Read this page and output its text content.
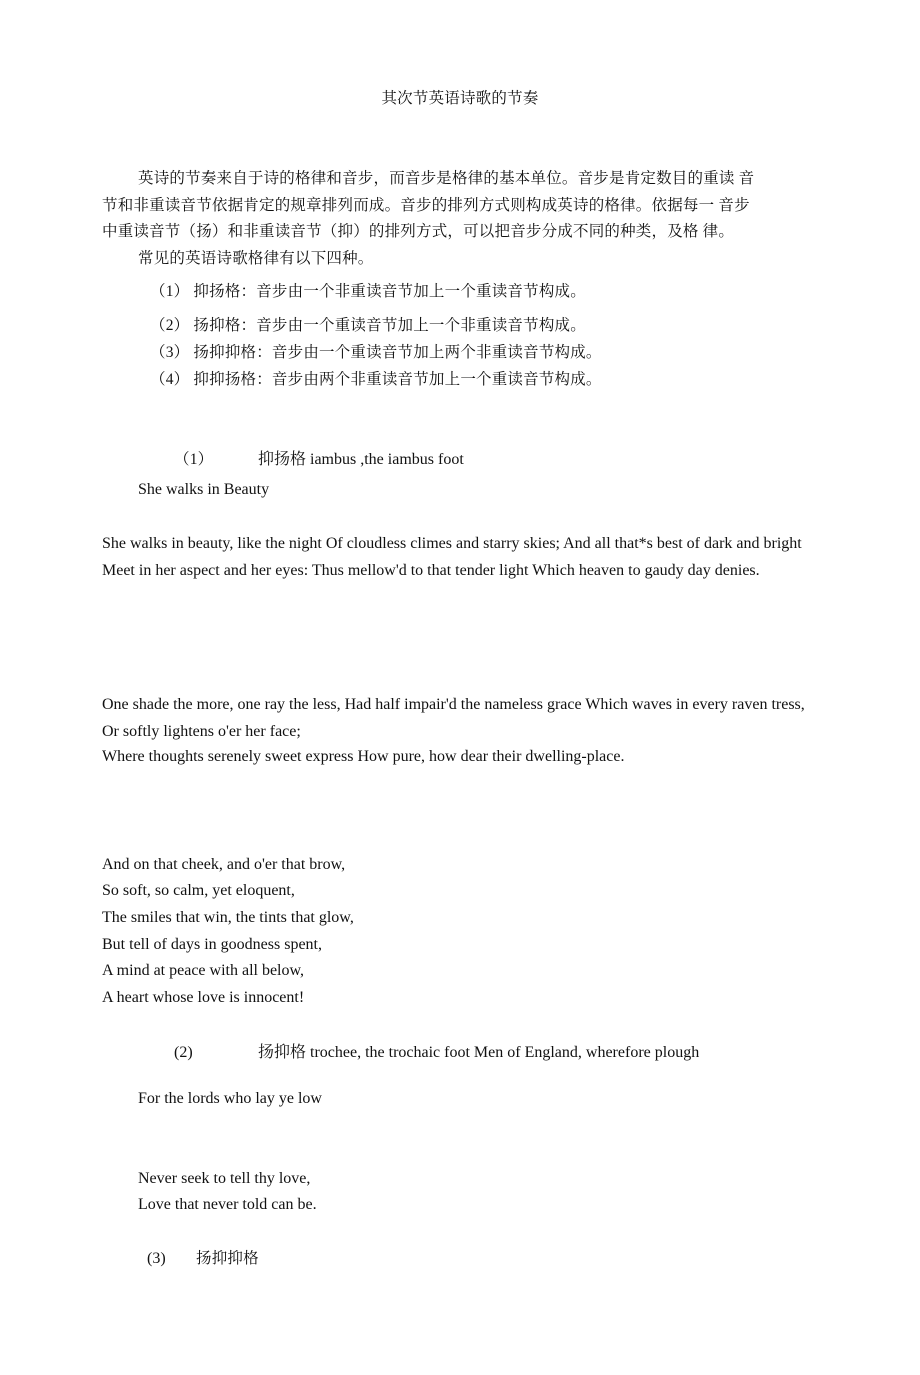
其次节英语诗歌的节奏
英诗的节奏来自于诗的格律和音步，而音步是格律的基本单位。音步是肯定数目的重读 音
节和非重读音节依据肯定的规章排列而成。音步的排列方式则构成英诗的格律。依据每一 音步
中重读音节（扬）和非重读音节（抑）的排列方式，可以把音步分成不同的种类，及格 律。
常见的英语诗歌格律有以下四种。
（1） 抑扬格：音步由一个非重读音节加上一个重读音节构成。
（2） 扬抑格：音步由一个重读音节加上一个非重读音节构成。
（3） 扬抑抑格：音步由一个重读音节加上两个非重读音节构成。
（4） 抑抑扬格：音步由两个非重读音节加上一个重读音节构成。
（1）	抑扬格 iambus ,the iambus foot
She walks in Beauty

She walks in beauty, like the night Of cloudless climes and starry skies; And all that*s best of dark and bright Meet in her aspect and her eyes: Thus mellow'd to that tender light Which heaven to gaudy day denies.

One shade the more, one ray the less, Had half impair'd the nameless grace Which waves in every raven tress, Or softly lightens o'er her face;

Where thoughts serenely sweet express How pure, how dear their dwelling-place.
And on that cheek, and o'er that brow,
So soft, so calm, yet eloquent,
The smiles that win, the tints that glow,
But tell of days in goodness spent,
A mind at peace with all below,
A heart whose love is innocent!
(2)	扬抑格 trochee, the trochaic foot Men of England, wherefore plough
For the lords who lay ye low
Never seek to tell thy love,
Love that never told can be.
(3) 扬抑抑格
